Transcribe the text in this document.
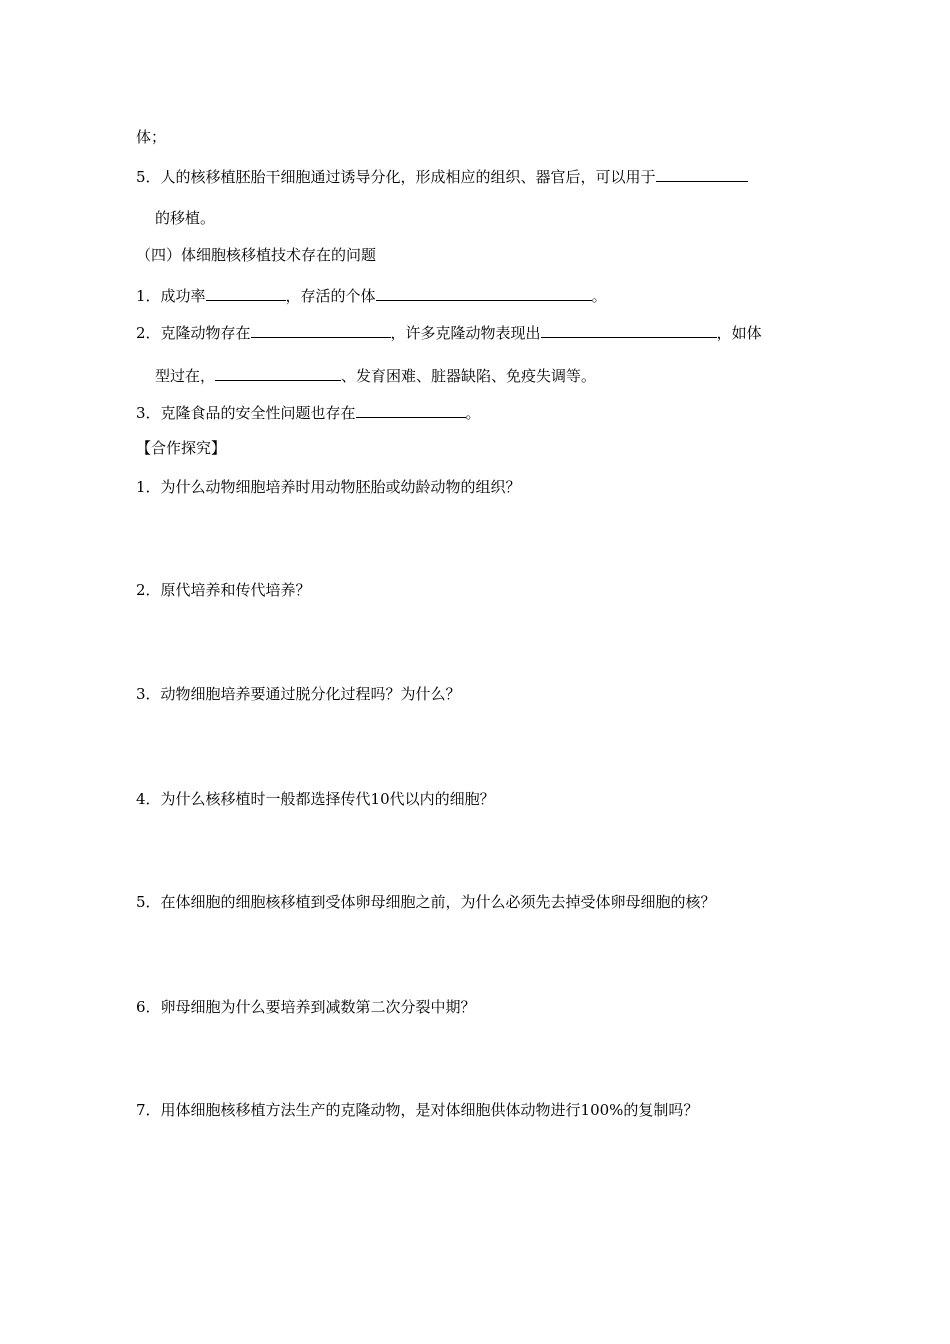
体；
5．人的核移植胚胎干细胞通过诱导分化，形成相应的组织、器官后，可以用于
的移植。
（四）体细胞核移植技术存在的问题
1．成功率	，存活的个体	。
2．克隆动物存在	，许多克隆动物表现出	，如体
型过在，	、发育困难、脏器缺陷、免疫失调等。
3．克隆食品的安全性问题也存在	。
【合作探究】
1．为什么动物细胞培养时用动物胚胎或幼龄动物的组织？
2．原代培养和传代培养？
3．动物细胞培养要通过脱分化过程吗？为什么？
4．为什么核移植时一般都选择传代10代以内的细胞？
5．在体细胞的细胞核移植到受体卵母细胞之前，为什么必须先去掉受体卵母细胞的核？
6．卵母细胞为什么要培养到减数第二次分裂中期？
7．用体细胞核移植方法生产的克隆动物，是对体细胞供体动物进行100%的复制吗？
